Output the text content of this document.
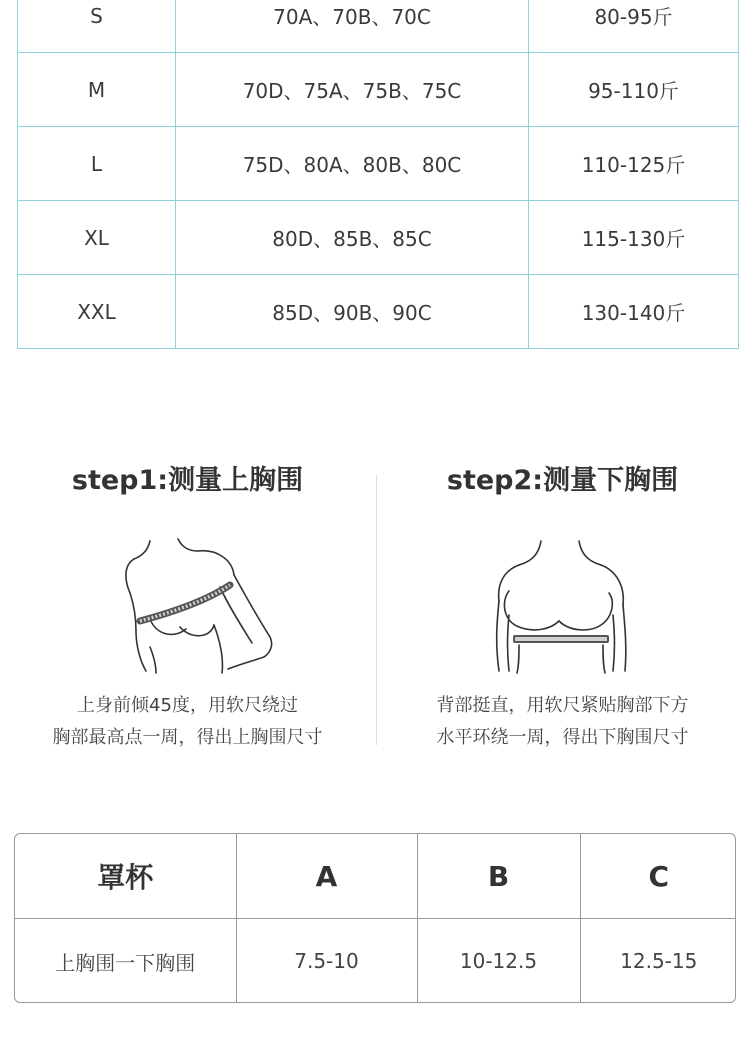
S	70A、70B、70C	80-95斤
M	70D、75A、75B、75C	95-110斤
L	75D、80A、80B、80C	110-125斤
XL	80D、85B、85C	115-130斤
XXL	85D、90B、90C	130-140斤
step1:测量上胸围
上身前倾45度，用软尺绕过
胸部最高点一周，得出上胸围尺寸
step2:测量下胸围
背部挺直，用软尺紧贴胸部下方
水平环绕一周，得出下胸围尺寸
罩杯	A	B	C
上胸围一下胸围	7.5-10	10-12.5	12.5-15
